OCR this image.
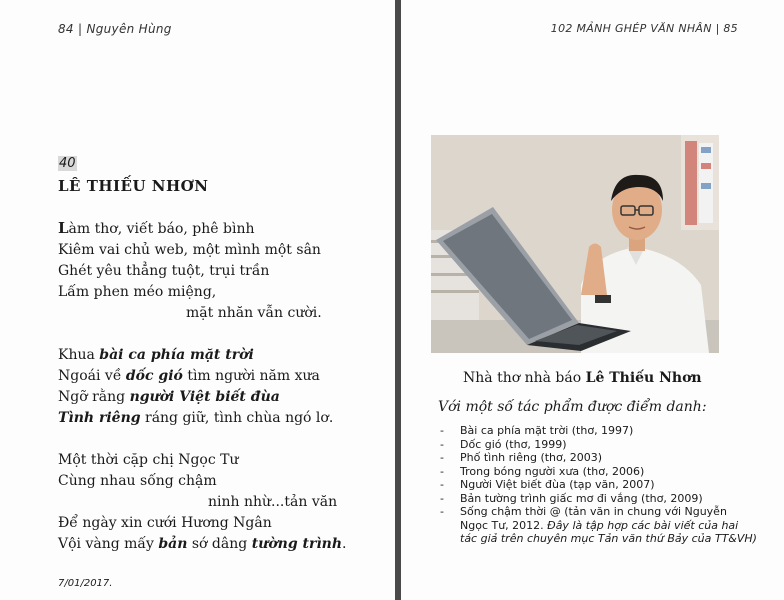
84 | Nguyên Hùng
40
LÊ THIẾU NHƠN
Làm thơ, viết báo, phê bình
Kiêm vai chủ web, một mình một sân
Ghét yêu thẳng tuột, trụi trần
Lấm phen méo miệng,
mặt nhăn vẫn cười.
Khua bài ca phía mặt trời
Ngoái về dốc gió tìm người năm xưa
Ngỡ rằng người Việt biết đùa
Tình riêng ráng giữ, tình chùa ngó lơ.
Một thời cặp chị Ngọc Tư
Cùng nhau sống chậm
ninh nhừ...tản văn
Để ngày xin cưới Hương Ngân
Vội vàng mấy bản sớ dâng tường trình.
7/01/2017.
102 MẢNH GHÉP VĂN NHÂN | 85
Nhà thơ nhà báo Lê Thiếu Nhơn
Với một số tác phẩm được điểm danh:
- Bài ca phía mặt trời (thơ, 1997)
- Dốc gió (thơ, 1999)
- Phố tình riêng (thơ, 2003)
- Trong bóng người xưa (thơ, 2006)
- Người Việt biết đùa (tạp văn, 2007)
- Bản tường trình giấc mơ đi vắng (thơ, 2009)
- Sống chậm thời @ (tản văn in chung với Nguyễn Ngọc Tư, 2012. Đây là tập hợp các bài viết của hai tác giả trên chuyên mục Tản văn thứ Bảy của TT&VH)
